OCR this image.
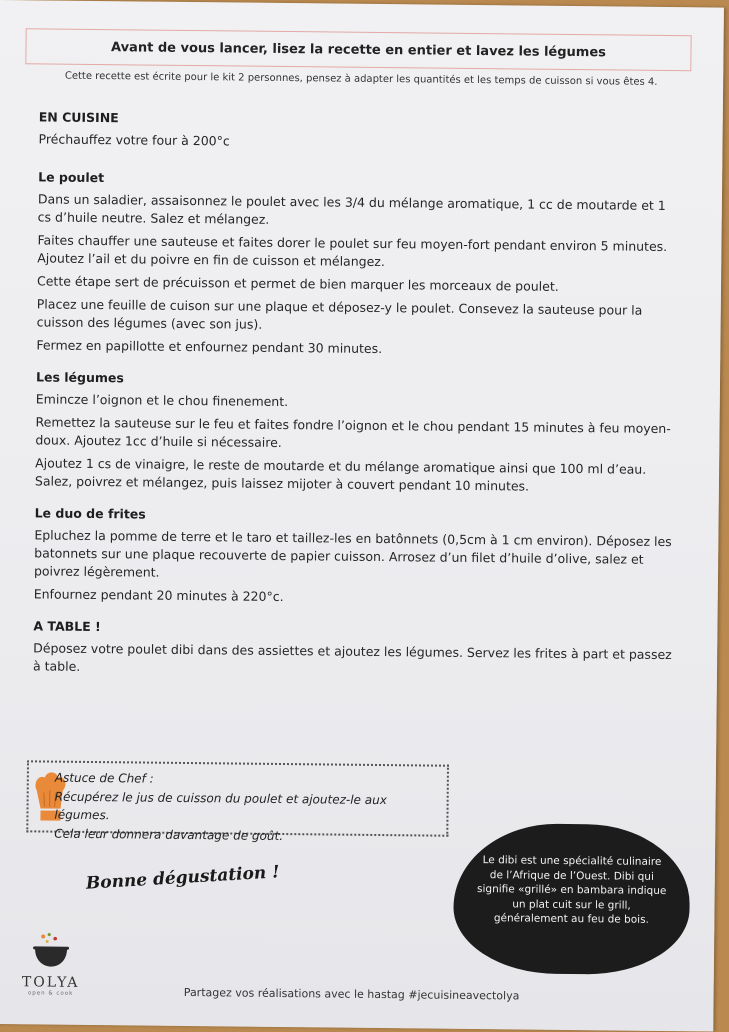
Avant de vous lancer, lisez la recette en entier et lavez les légumes
Cette recette est écrite pour le kit 2 personnes, pensez à adapter les quantités et les temps de cuisson si vous êtes 4.
EN CUISINE

Préchauffez votre four à 200°c

Le poulet

Dans un saladier, assaisonnez le poulet avec les 3/4 du mélange aromatique, 1 cc de moutarde et 1 cs d’huile neutre. Salez et mélangez.

Faites chauffer une sauteuse et faites dorer le poulet sur feu moyen-fort pendant environ 5 minutes. Ajoutez l’ail et du poivre en fin de cuisson et mélangez.

Cette étape sert de précuisson et permet de bien marquer les morceaux de poulet.

Placez une feuille de cuison sur une plaque et déposez-y le poulet. Consevez la sauteuse pour la cuisson des légumes (avec son jus).

Fermez en papillotte et enfournez pendant 30 minutes.

Les légumes

Emincze l’oignon et le chou finenement.

Remettez la sauteuse sur le feu et faites fondre l’oignon et le chou pendant 15 minutes à feu moyen-doux. Ajoutez 1cc d’huile si nécessaire.

Ajoutez 1 cs de vinaigre, le reste de moutarde et du mélange aromatique ainsi que 100 ml d’eau. Salez, poivrez et mélangez, puis laissez mijoter à couvert pendant 10 minutes.

Le duo de frites

Epluchez la pomme de terre et le taro et taillez-les en batônnets (0,5cm à 1 cm environ). Déposez les batonnets sur une plaque recouverte de papier cuisson. Arrosez d’un filet d’huile d’olive, salez et poivrez légèrement.

Enfournez pendant 20 minutes à 220°c.

A TABLE !

Déposez votre poulet dibi dans des assiettes et ajoutez les légumes. Servez les frites à part et passez à table.

Astuce de Chef :
Récupérez le jus de cuisson du poulet et ajoutez-le aux légumes.
Cela leur donnera davantage de goût.
Bonne dégustation !
Le dibi est une spécialité culinaire de l’Afrique de l’Ouest. Dibi qui signifie «grillé» en bambara indique un plat cuit sur le grill, généralement au feu de bois.
TOLYA
open & cook	Partagez vos réalisations avec le hastag #jecuisineavectolya
